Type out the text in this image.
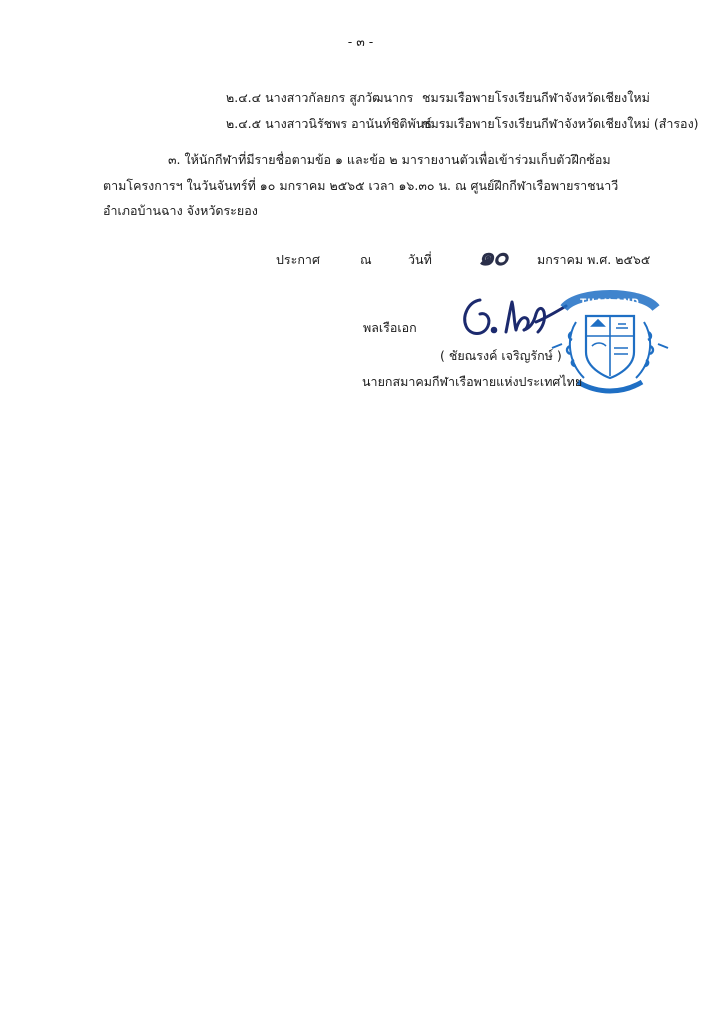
- ๓ -
๒.๔.๔ นางสาวกัลยกร สูภวัฒนากร ชมรมเรือพายโรงเรียนกีฬาจังหวัดเชียงใหม่
๒.๔.๕ นางสาวนิรัชพร อานันท์ชิติพันธ์ชมรมเรือพายโรงเรียนกีฬาจังหวัดเชียงใหม่ (สำรอง)
๓. ให้นักกีฬาที่มีรายชื่อตามข้อ ๑ และข้อ ๒ มารายงานตัวเพื่อเข้าร่วมเก็บตัวฝึกซ้อม
ตามโครงการฯ ในวันจันทร์ที่ ๑๐ มกราคม ๒๕๖๕ เวลา ๑๖.๓๐ น. ณ ศูนย์ฝึกกีฬาเรือพายราชนาวี
อำเภอบ้านฉาง จังหวัดระยอง
ประกาศ	ณ	วันที่ ๑๐ มกราคม พ.ศ. ๒๕๖๕
THAILAND
พลเรือเอก
( ชัยณรงค์ เจริญรักษ์ )
นายกสมาคมกีฬาเรือพายแห่งประเทศไทย
